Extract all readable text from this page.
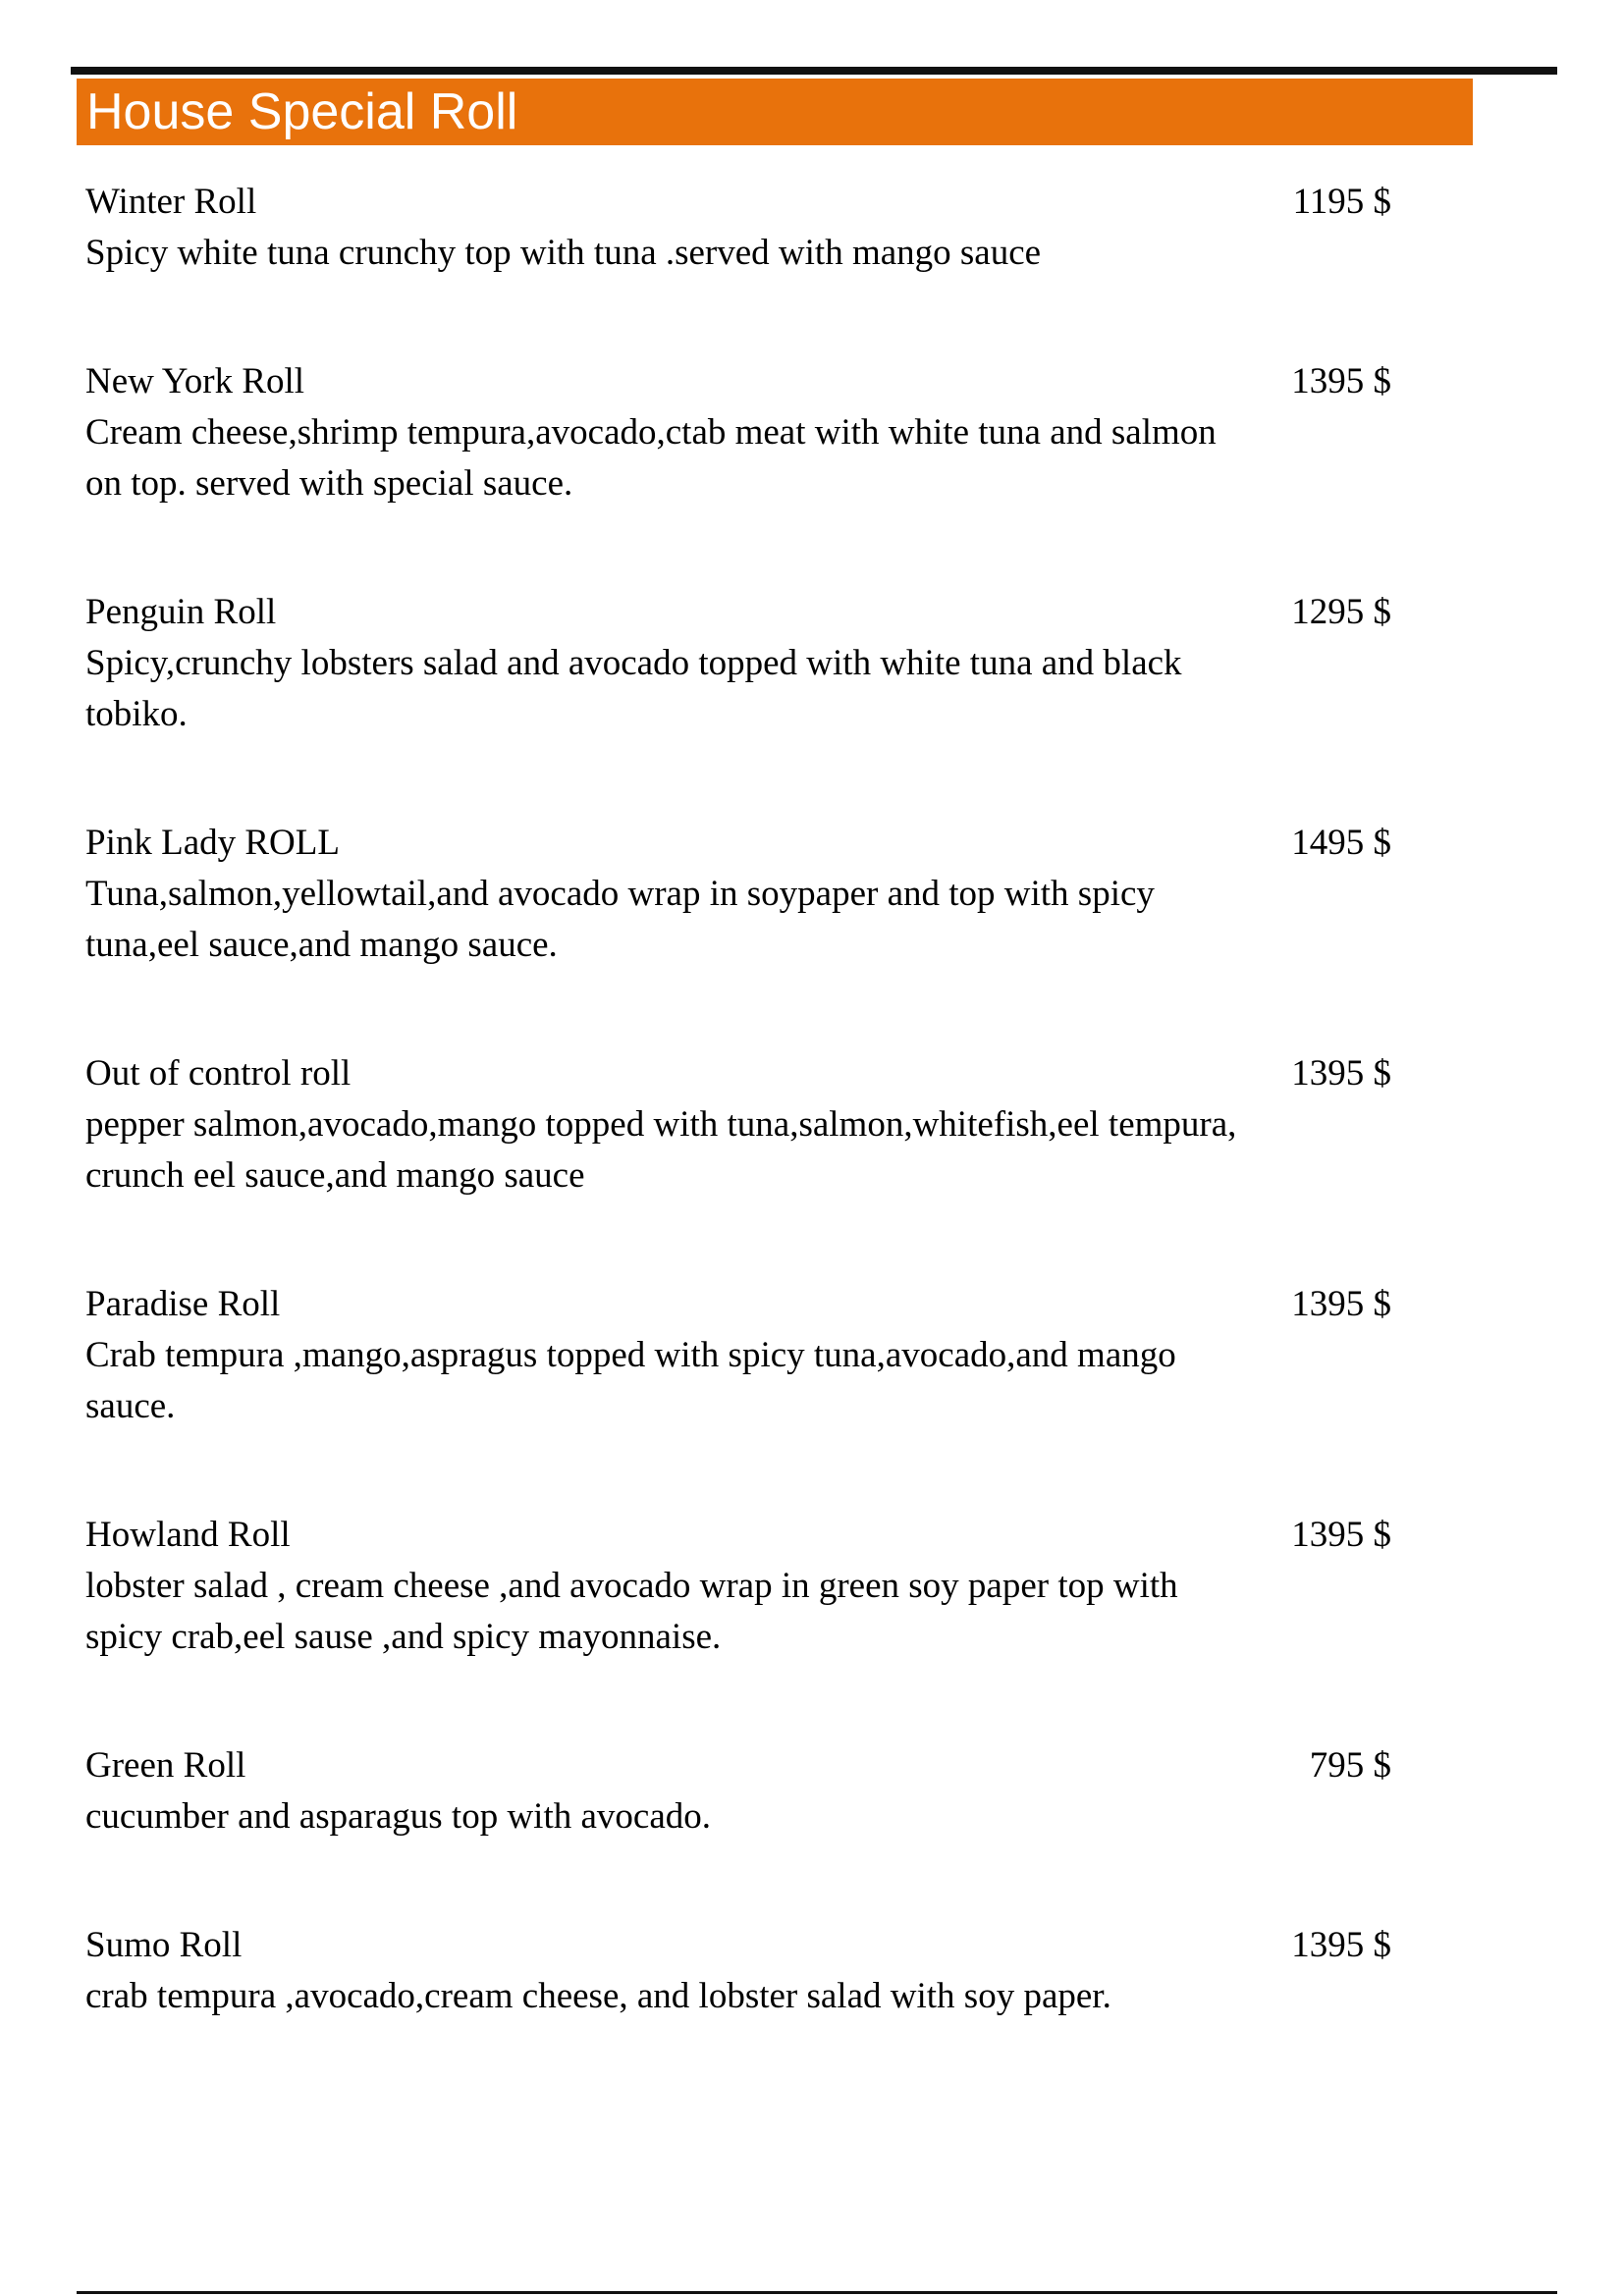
House Special Roll
Winter Roll
Spicy white tuna crunchy top with tuna .served with mango sauce
1195 $
New York Roll
Cream cheese,shrimp tempura,avocado,ctab meat with white tuna and salmon on top. served with special sauce.
1395 $
Penguin Roll
Spicy,crunchy lobsters salad and avocado topped with white tuna and black tobiko.
1295 $
Pink Lady ROLL
Tuna,salmon,yellowtail,and avocado wrap in soypaper and top with spicy tuna,eel sauce,and mango sauce.
1495 $
Out of control roll
pepper salmon,avocado,mango topped with tuna,salmon,whitefish,eel tempura, crunch eel sauce,and mango sauce
1395 $
Paradise Roll
Crab tempura ,mango,aspragus topped with spicy tuna,avocado,and mango sauce.
1395 $
Howland Roll
lobster salad , cream cheese ,and avocado wrap in green soy paper top with spicy crab,eel sause ,and spicy mayonnaise.
1395 $
Green Roll
cucumber and asparagus top with avocado.
795 $
Sumo Roll
crab tempura ,avocado,cream cheese, and lobster salad with soy paper.
1395 $
